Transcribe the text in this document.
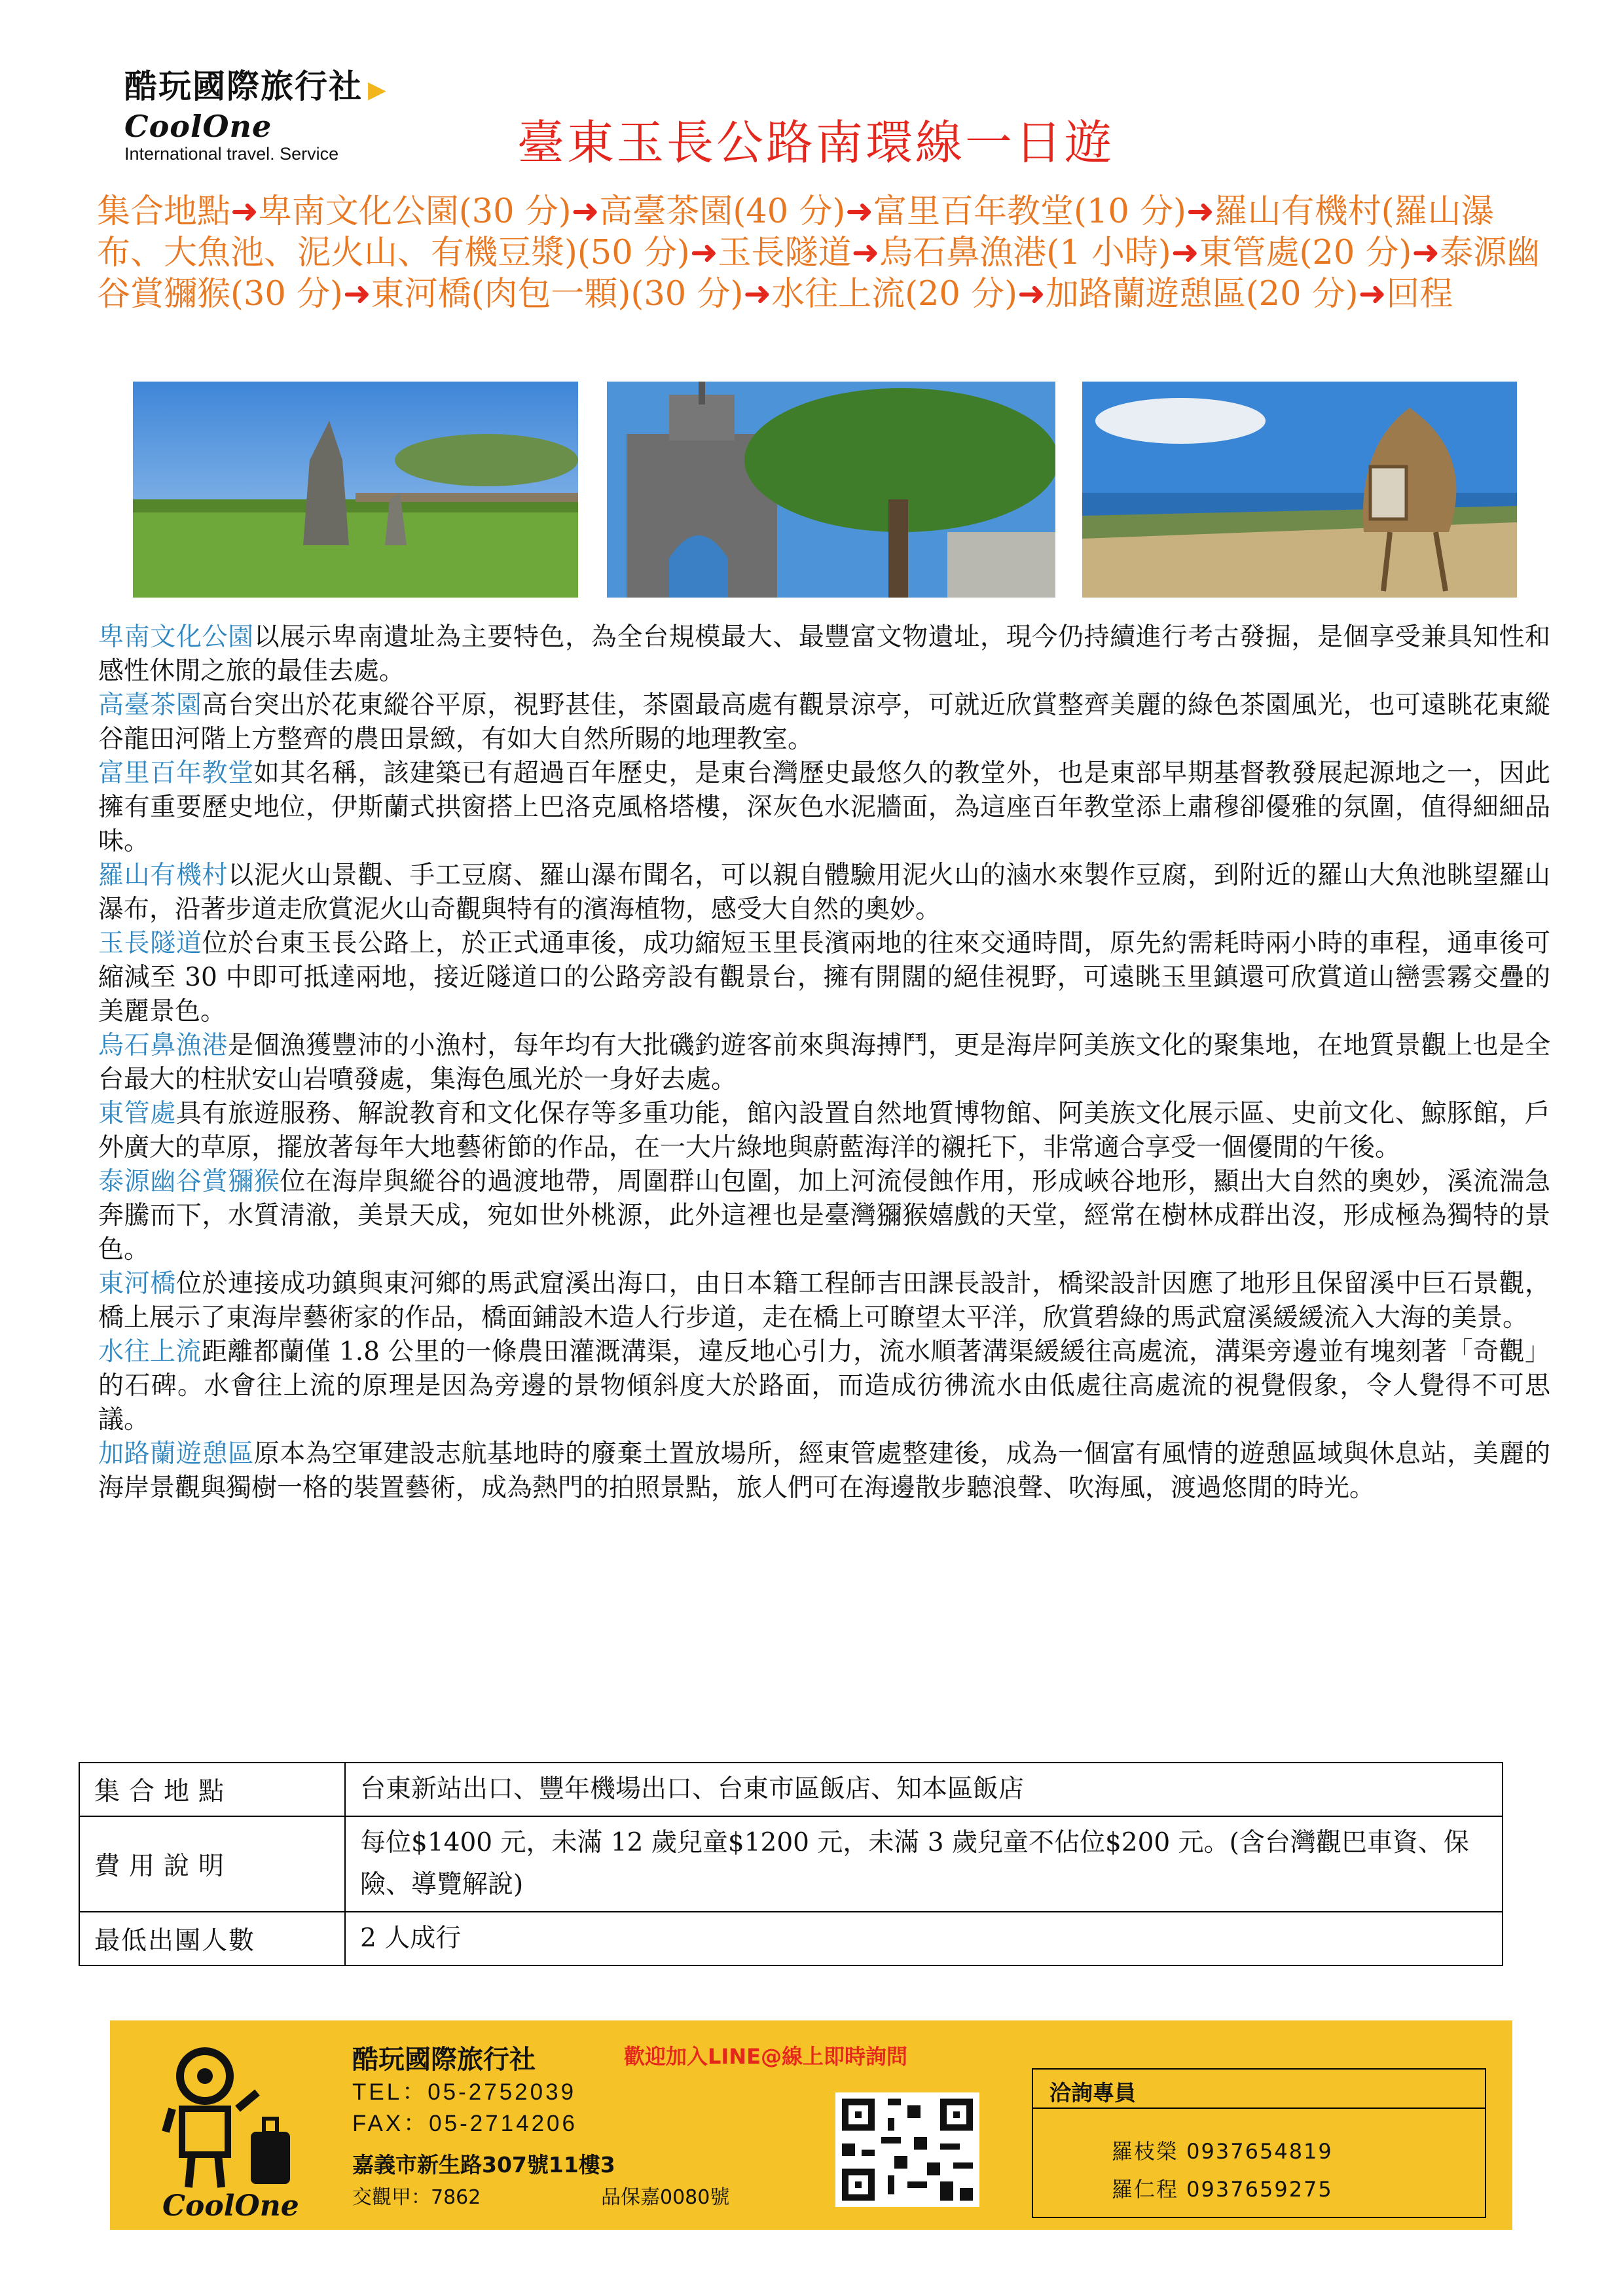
酷玩國際旅行社 ▶
CoolOne
International travel. Service	臺東玉長公路南環線一日遊
集合地點➜卑南文化公園(30 分)➜高臺茶園(40 分)➜富里百年教堂(10 分)➜羅山有機村(羅山瀑布、大魚池、泥火山、有機豆漿)(50 分)➜玉長隧道➜烏石鼻漁港(1 小時)➜東管處(20 分)➜泰源幽谷賞獼猴(30 分)➜東河橋(肉包一顆)(30 分)➜水往上流(20 分)➜加路蘭遊憩區(20 分)➜回程

卑南文化公園以展示卑南遺址為主要特色，為全台規模最大、最豐富文物遺址，現今仍持續進行考古發掘，是個享受兼具知性和感性休閒之旅的最佳去處。

高臺茶園高台突出於花東縱谷平原，視野甚佳，茶園最高處有觀景涼亭，可就近欣賞整齊美麗的綠色茶園風光，也可遠眺花東縱谷龍田河階上方整齊的農田景緻，有如大自然所賜的地理教室。

富里百年教堂如其名稱，該建築已有超過百年歷史，是東台灣歷史最悠久的教堂外，也是東部早期基督教發展起源地之一，因此擁有重要歷史地位，伊斯蘭式拱窗搭上巴洛克風格塔樓，深灰色水泥牆面，為這座百年教堂添上肅穆卻優雅的氛圍，值得細細品味。

羅山有機村以泥火山景觀、手工豆腐、羅山瀑布聞名，可以親自體驗用泥火山的滷水來製作豆腐，到附近的羅山大魚池眺望羅山瀑布，沿著步道走欣賞泥火山奇觀與特有的濱海植物，感受大自然的奧妙。

玉長隧道位於台東玉長公路上，於正式通車後，成功縮短玉里長濱兩地的往來交通時間，原先約需耗時兩小時的車程，通車後可縮減至 30 中即可抵達兩地，接近隧道口的公路旁設有觀景台，擁有開闊的絕佳視野，可遠眺玉里鎮還可欣賞道山巒雲霧交疊的美麗景色。

烏石鼻漁港是個漁獲豐沛的小漁村，每年均有大批磯釣遊客前來與海搏鬥，更是海岸阿美族文化的聚集地，在地質景觀上也是全台最大的柱狀安山岩噴發處，集海色風光於一身好去處。

東管處具有旅遊服務、解說教育和文化保存等多重功能，館內設置自然地質博物館、阿美族文化展示區、史前文化、鯨豚館，戶外廣大的草原，擺放著每年大地藝術節的作品，在一大片綠地與蔚藍海洋的襯托下，非常適合享受一個優閒的午後。

泰源幽谷賞獼猴位在海岸與縱谷的過渡地帶，周圍群山包圍，加上河流侵蝕作用，形成峽谷地形，顯出大自然的奧妙，溪流湍急奔騰而下，水質清澈，美景天成，宛如世外桃源，此外這裡也是臺灣獼猴嬉戲的天堂，經常在樹林成群出沒，形成極為獨特的景色。

東河橋位於連接成功鎮與東河鄉的馬武窟溪出海口，由日本籍工程師吉田課長設計，橋梁設計因應了地形且保留溪中巨石景觀，橋上展示了東海岸藝術家的作品，橋面鋪設木造人行步道，走在橋上可瞭望太平洋，欣賞碧綠的馬武窟溪緩緩流入大海的美景。

水往上流距離都蘭僅 1.8 公里的一條農田灌溉溝渠，違反地心引力，流水順著溝渠緩緩往高處流，溝渠旁邊並有塊刻著「奇觀」的石碑。水會往上流的原理是因為旁邊的景物傾斜度大於路面，而造成彷彿流水由低處往高處流的視覺假象，令人覺得不可思議。

加路蘭遊憩區原本為空軍建設志航基地時的廢棄土置放場所，經東管處整建後，成為一個富有風情的遊憩區域與休息站，美麗的海岸景觀與獨樹一格的裝置藝術，成為熱門的拍照景點，旅人們可在海邊散步聽浪聲、吹海風，渡過悠閒的時光。

集合地點	台東新站出口、豐年機場出口、台東市區飯店、知本區飯店
費用說明	每位$1400 元，未滿 12 歲兒童$1200 元，未滿 3 歲兒童不佔位$200 元。(含台灣觀巴車資、保險、導覽解說)
最低出團人數	2 人成行
CoolOne
酷玩國際旅行社	歡迎加入LINE@線上即時詢問
TEL：05-2752039
FAX：05-2714206
嘉義市新生路307號11樓3
交觀甲：7862	品保嘉0080號
洽詢專員
羅枝榮 0937654819
羅仁程 0937659275
